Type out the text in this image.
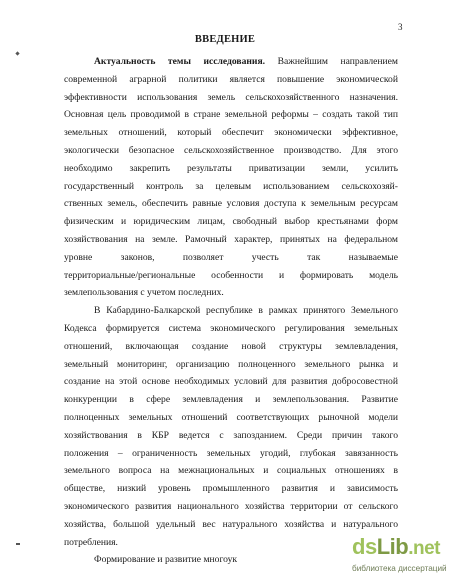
3
ВВЕДЕНИЕ
Актуальность темы исследования. Важнейшим направлением
современной аграрной политики является повышение экономической
эффективности использования земель сельскохозяйственного назначения.
Основная цель проводимой в стране земельной реформы – создать такой тип
земельных отношений, который обеспечит экономически эффективное,
экологически безопасное сельскохозяйственное производство. Для этого
необходимо закрепить результаты приватизации земли, усилить
государственный контроль за целевым использованием сельскохозяй-
ственных земель, обеспечить равные условия доступа к земельным ресурсам
физическим и юридическим лицам, свободный выбор крестьянами форм
хозяйствования на земле. Рамочный характер, принятых на федеральном
уровне законов, позволяет учесть так называемые
территориальные/региональные особенности и формировать модель
землепользования с учетом последних.
В Кабардино-Балкарской республике в рамках принятого Земельного
Кодекса формируется система экономического регулирования земельных
отношений, включающая создание новой структуры землевладения,
земельный мониторинг, организацию полноценного земельного рынка и
создание на этой основе необходимых условий для развития добросовестной
конкуренции в сфере землевладения и землепользования. Развитие
полноценных земельных отношений соответствующих рыночной модели
хозяйствования в КБР ведется с запозданием. Среди причин такого
положения – ограниченность земельных угодий, глубокая завязанность
земельного вопроса на межнациональных и социальных отношениях в
обществе, низкий уровень промышленного развития и зависимость
экономического развития национального хозяйства территории от сельского
хозяйства, большой удельный вес натурального хозяйства и натурального
потребления.
Формирование и развитие многоук
dsLib.net
библиотека диссертаций
